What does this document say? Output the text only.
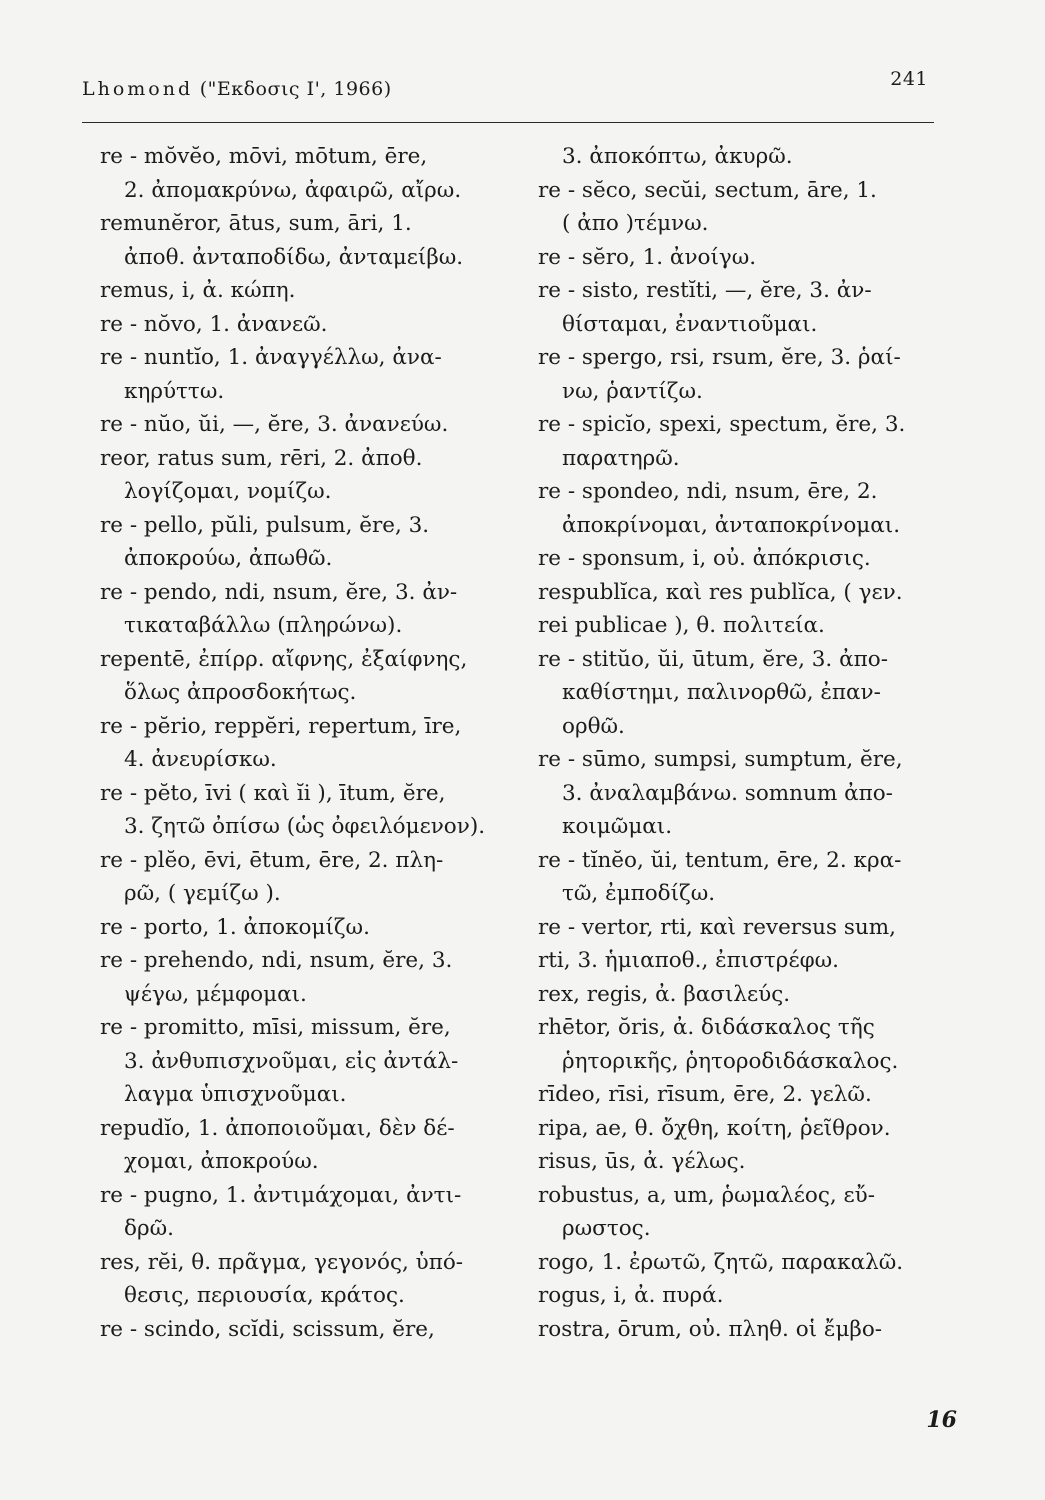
Lhomond ("Εκδοσις Ι', 1966)	241
re - mŏvĕo, mōvi, mōtum, ēre,
2. ἀπομακρύνω, ἀφαιρῶ, αἴρω.
remunĕror, ātus, sum, āri, 1.
ἀποθ. ἀνταποδίδω, ἀνταμείβω.
remus, i, ἀ. κώπη.
re - nŏvo, 1. ἀνανεῶ.
re - nuntĭo, 1. ἀναγγέλλω, ἀνα-
κηρύττω.
re - nŭo, ŭi, —, ĕre, 3. ἀνανεύω.
reor, ratus sum, rēri, 2. ἀποθ.
λογίζομαι, νομίζω.
re - pello, pŭli, pulsum, ĕre, 3.
ἀποκρούω, ἀπωθῶ.
re - pendo, ndi, nsum, ĕre, 3. ἀν-
τικαταβάλλω (πληρώνω).
repentē, ἐπίρρ. αἴφνης, ἐξαίφνης,
ὅλως ἀπροσδοκήτως.
re - pĕrio, reppĕri, repertum, īre,
4. ἀνευρίσκω.
re - pĕto, īvi ( καὶ ĭi ), ītum, ĕre,
3. ζητῶ ὀπίσω (ὡς ὀφειλόμενον).
re - plĕo, ēvi, ētum, ēre, 2. πλη-
ρῶ, ( γεμίζω ).
re - porto, 1. ἀποκομίζω.
re - prehendo, ndi, nsum, ĕre, 3.
ψέγω, μέμφομαι.
re - promitto, mīsi, missum, ĕre,
3. ἀνθυπισχνοῦμαι, εἰς ἀντάλ-
λαγμα ὑπισχνοῦμαι.
repudĭo, 1. ἀποποιοῦμαι, δὲν δέ-
χομαι, ἀποκρούω.
re - pugno, 1. ἀντιμάχομαι, ἀντι-
δρῶ.
res, rĕi, θ. πρᾶγμα, γεγονός, ὑπό-
θεσις, περιουσία, κράτος.
re - scindo, scĭdi, scissum, ĕre,
3. ἀποκόπτω, ἀκυρῶ.
re - sĕco, secŭi, sectum, āre, 1.
( ἀπο )τέμνω.
re - sĕro, 1. ἀνοίγω.
re - sisto, restĭti, —, ĕre, 3. ἀν-
θίσταμαι, ἐναντιοῦμαι.
re - spergo, rsi, rsum, ĕre, 3. ῥαί-
νω, ῥαντίζω.
re - spicĭo, spexi, spectum, ĕre, 3.
παρατηρῶ.
re - spondeo, ndi, nsum, ēre, 2.
ἀποκρίνομαι, ἀνταποκρίνομαι.
re - sponsum, i, οὐ. ἀπόκρισις.
respublĭca, καὶ res publĭca, ( γεν.
rei publicae ), θ. πολιτεία.
re - stitŭo, ŭi, ūtum, ĕre, 3. ἀπο-
καθίστημι, παλινορθῶ, ἐπαν-
ορθῶ.
re - sūmo, sumpsi, sumptum, ĕre,
3. ἀναλαμβάνω. somnum ἀπο-
κοιμῶμαι.
re - tĭnĕo, ŭi, tentum, ēre, 2. κρα-
τῶ, ἐμποδίζω.
re - vertor, rti, καὶ reversus sum,
rti, 3. ἡμιαποθ., ἐπιστρέφω.
rex, regis, ἀ. βασιλεύς.
rhētor, ŏris, ἀ. διδάσκαλος τῆς
ῥητορικῆς, ῥητοροδιδάσκαλος.
rīdeo, rīsi, rīsum, ēre, 2. γελῶ.
ripa, ae, θ. ὄχθη, κοίτη, ῥεῖθρον.
risus, ūs, ἀ. γέλως.
robustus, a, um, ῥωμαλέος, εὔ-
ρωστος.
rogo, 1. ἐρωτῶ, ζητῶ, παρακαλῶ.
rogus, i, ἀ. πυρά.
rostra, ōrum, οὐ. πληθ. οἱ ἔμβο-
16
